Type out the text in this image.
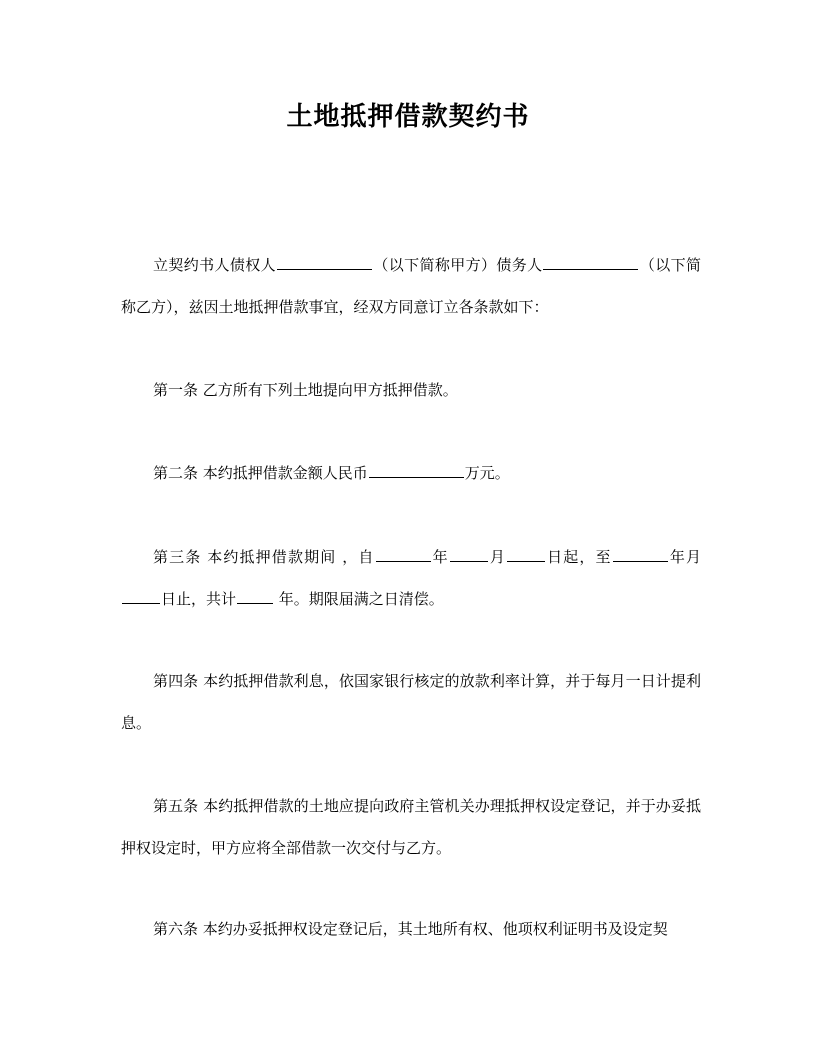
土地抵押借款契约书
立契约书人债权人	（以下简称甲方）债务人	（以下简称乙方），兹因土地抵押借款事宜，经双方同意订立各条款如下：
第一条 乙方所有下列土地提向甲方抵押借款。
第二条 本约抵押借款金额人民币	万元。
第三条 本约抵押借款期间 ，自	年	月	日起，至	年月日止，共计	年。期限届满之日清偿。
第四条 本约抵押借款利息，依国家银行核定的放款利率计算，并于每月一日计提利息。
第五条 本约抵押借款的土地应提向政府主管机关办理抵押权设定登记，并于办妥抵押权设定时，甲方应将全部借款一次交付与乙方。
第六条 本约办妥抵押权设定登记后，其土地所有权、他项权利证明书及设定契
